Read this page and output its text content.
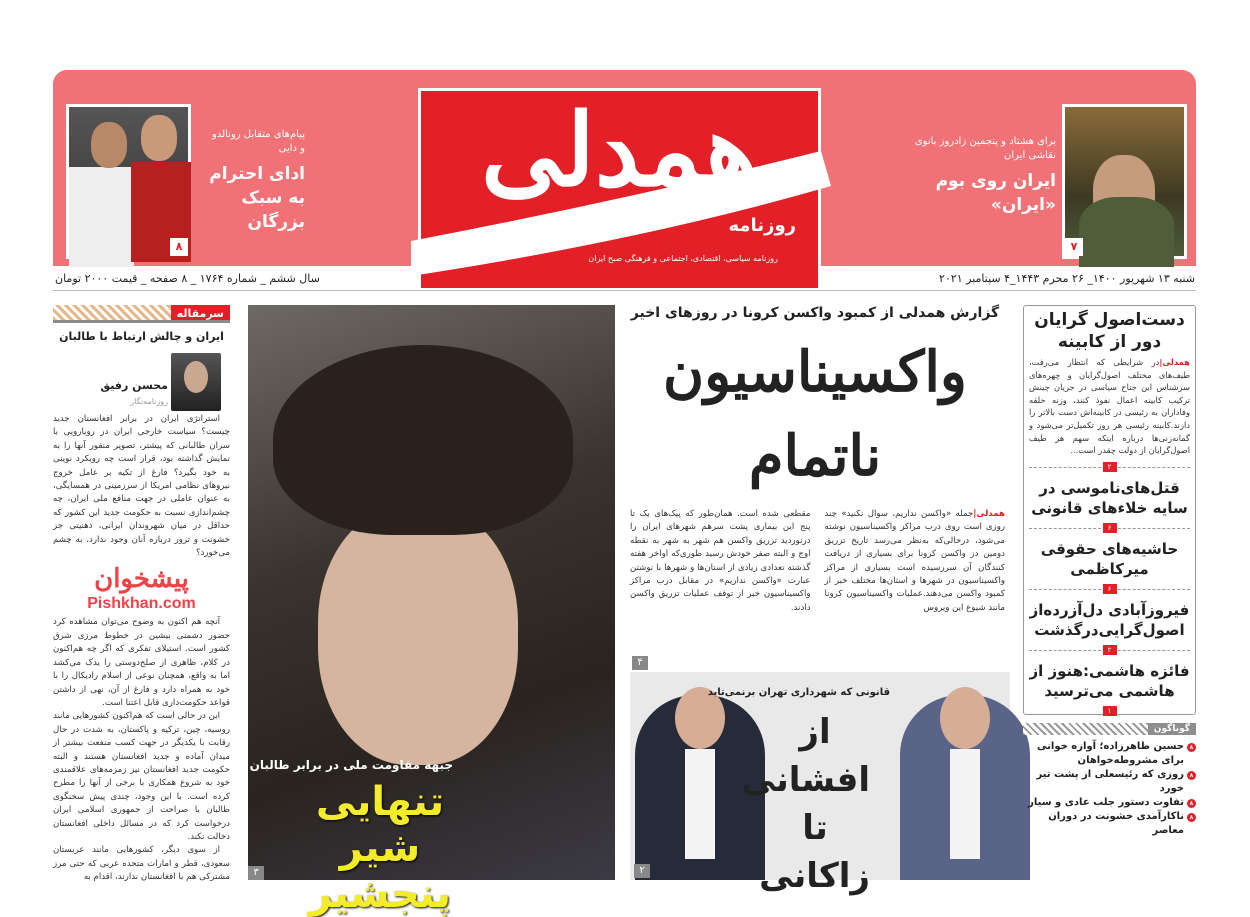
همدلی
روزنامه
روزنامه سیاسی، اقتصادی، اجتماعی و فرهنگی صبح ایران
۷
برای هشتاد و پنجمین زادروز بانوی نقاشی ایران
ایران روی بوم «ایران»
۸
پیام‌های متقابل رونالدو و دایی
ادای احترام به سبک بزرگان
شنبه ۱۳ شهریور ۱۴۰۰_ ۲۶ محرم ۱۴۴۳_۴ سپتامبر ۲۰۲۱
سال ششم _ شماره ۱۷۶۴ _ ۸ صفحه _ قیمت ۲۰۰۰ تومان
سرمقاله
ایران و چالش ارتباط با طالبان
محسن رفیق
روزنامه‌نگار

استراتژی ایران در برابر افغانستان جدید چیست؟ سیاست خارجی ایران در رویارویی با سران طالبانی که پیشتر، تصویر منفور آنها را به نمایش گذاشته بود، قرار است چه رویکرد نوینی به خود بگیرد؟ فارغ از تکیه بر عامل خروج نیروهای نظامی امریکا از سرزمینی در همسایگی، به عنوان عاملی در جهت منافع ملی ایران، چه چشم‌اندازی نسبت به حکومت جدید این کشور که حداقل در میان شهروندان ایرانی، ذهنیتی جز خشونت و ترور درباره آنان وجود ندارد، به چشم می‌خورد؟

پیشخوان
Pishkhan.com

آنچه هم اکنون به وضوح می‌توان مشاهده کرد حضور دشمنی بیشین در خطوط مرزی شرق کشور است. استیلای تفکری که اگر چه هم‌اکنون در کلام، ظاهری از صلح‌دوستی را یدک می‌کشد اما به واقع، همچنان نوعی از اسلام رادیکال را با خود به همراه دارد و فارغ از آن، نهی از داشتن قواعد حکومت‌داری قابل اعتنا است.

این در حالی است که هم‌اکنون کشورهایی مانند روسیه، چین، ترکیه و پاکستان، به شدت در حال رقابت با یکدیگر در جهت کسب منفعت بیشتر از میدان آماده و جدید افغانستان هستند و البته حکومت جدید افغانستان نیز زمزمه‌های علاقمندی خود به شروع همکاری با برخی از آنها را مطرح کرده است. با این وجود، چندی پیش سخنگوی طالبان با صراحت از جمهوری اسلامی ایران درخواست کرد که در مسائل داخلی افغانستان دخالت نکند.

از سوی دیگر، کشورهایی مانند عربستان سعودی، قطر و امارات متحده عربی که حتی مرز مشترکی هم با افغانستان ندارند، اقدام به

جبهه مقاومت ملی در برابر طالبان
تنهایی شیر پنجشیر
۳
گزارش همدلی از کمبود واکسن کرونا در روزهای اخیر
واکسیناسیون ناتمام
همدلی|جمله «واکسن نداریم، سوال نکنید» چند روزی است روی درب مراکز واکسیناسیون نوشته می‌شود، درحالی‌که به‌نظر می‌رسد تاریخ تزریق دومین دز واکسن کرونا برای بسیاری از دریافت کنندگان آن سررسیده است بسیاری از مراکز واکسیناسیون در شهرها و استان‌ها مختلف خبر از کمبود واکسن می‌دهند.عملیات واکسیناسیون کرونا مانند شیوع این ویروس
مقطعی شده است. همان‌طور که پیک‌های یک تا پنج این بیماری پشت سرهم شهرهای ایران را درنوردید تزریق واکسن هم شهر به شهر به نقطه اوج و البته صفر خودش رسید طوری‌که اواخر هفته گذشته تعدادی زیادی از استان‌ها و شهرها با نوشتن عبارت «واکسن نداریم» در مقابل درب مراکز واکسیناسیون خبر از توقف عملیات تزریق واکسن دادند.
۴
قانونی که شهرداری تهران برنمی‌تابد
از افشانی تا زاکانی
۲
دست‌اصول گرایان دور از کابینه
همدلی|در شرایطی که انتظار می‌رفت، طیف‌های مختلف اصول‌گرایان و چهره‌های سرشناس این جناح سیاسی در جریان چینش ترکیب کابینه اعمال نفوذ کنند، وزنه حلقه وفاداران به رئیسی در کابینه‌اش دست بالاتر را دارند.کابینه رئیسی هر روز تکمیل‌تر می‌شود و گمانه‌زنی‌ها درباره اینکه سهم هر طیف اصول‌گرایان از دولت چقدر است...
۲
قتل‌های‌ناموسی در سایه خلاءهای قانونی
۶
حاشیه‌های حقوقی میرکاظمی
۶
فیروزآبادی دل‌آزرده‌از اصول‌گرایی‌درگذشت
۲
فائزه هاشمی:هنوز از هاشمی می‌ترسید
۱
گوناگون
۸
حسین طاهرزاده؛ آوازه خوانی برای مشروطه‌خواهان
۸
روزی که رئیسعلی از پشت تیر خورد
۸
تفاوت دستور جلب عادی و سیار
۸
ناکارآمدی خشونت در دوران معاصر
